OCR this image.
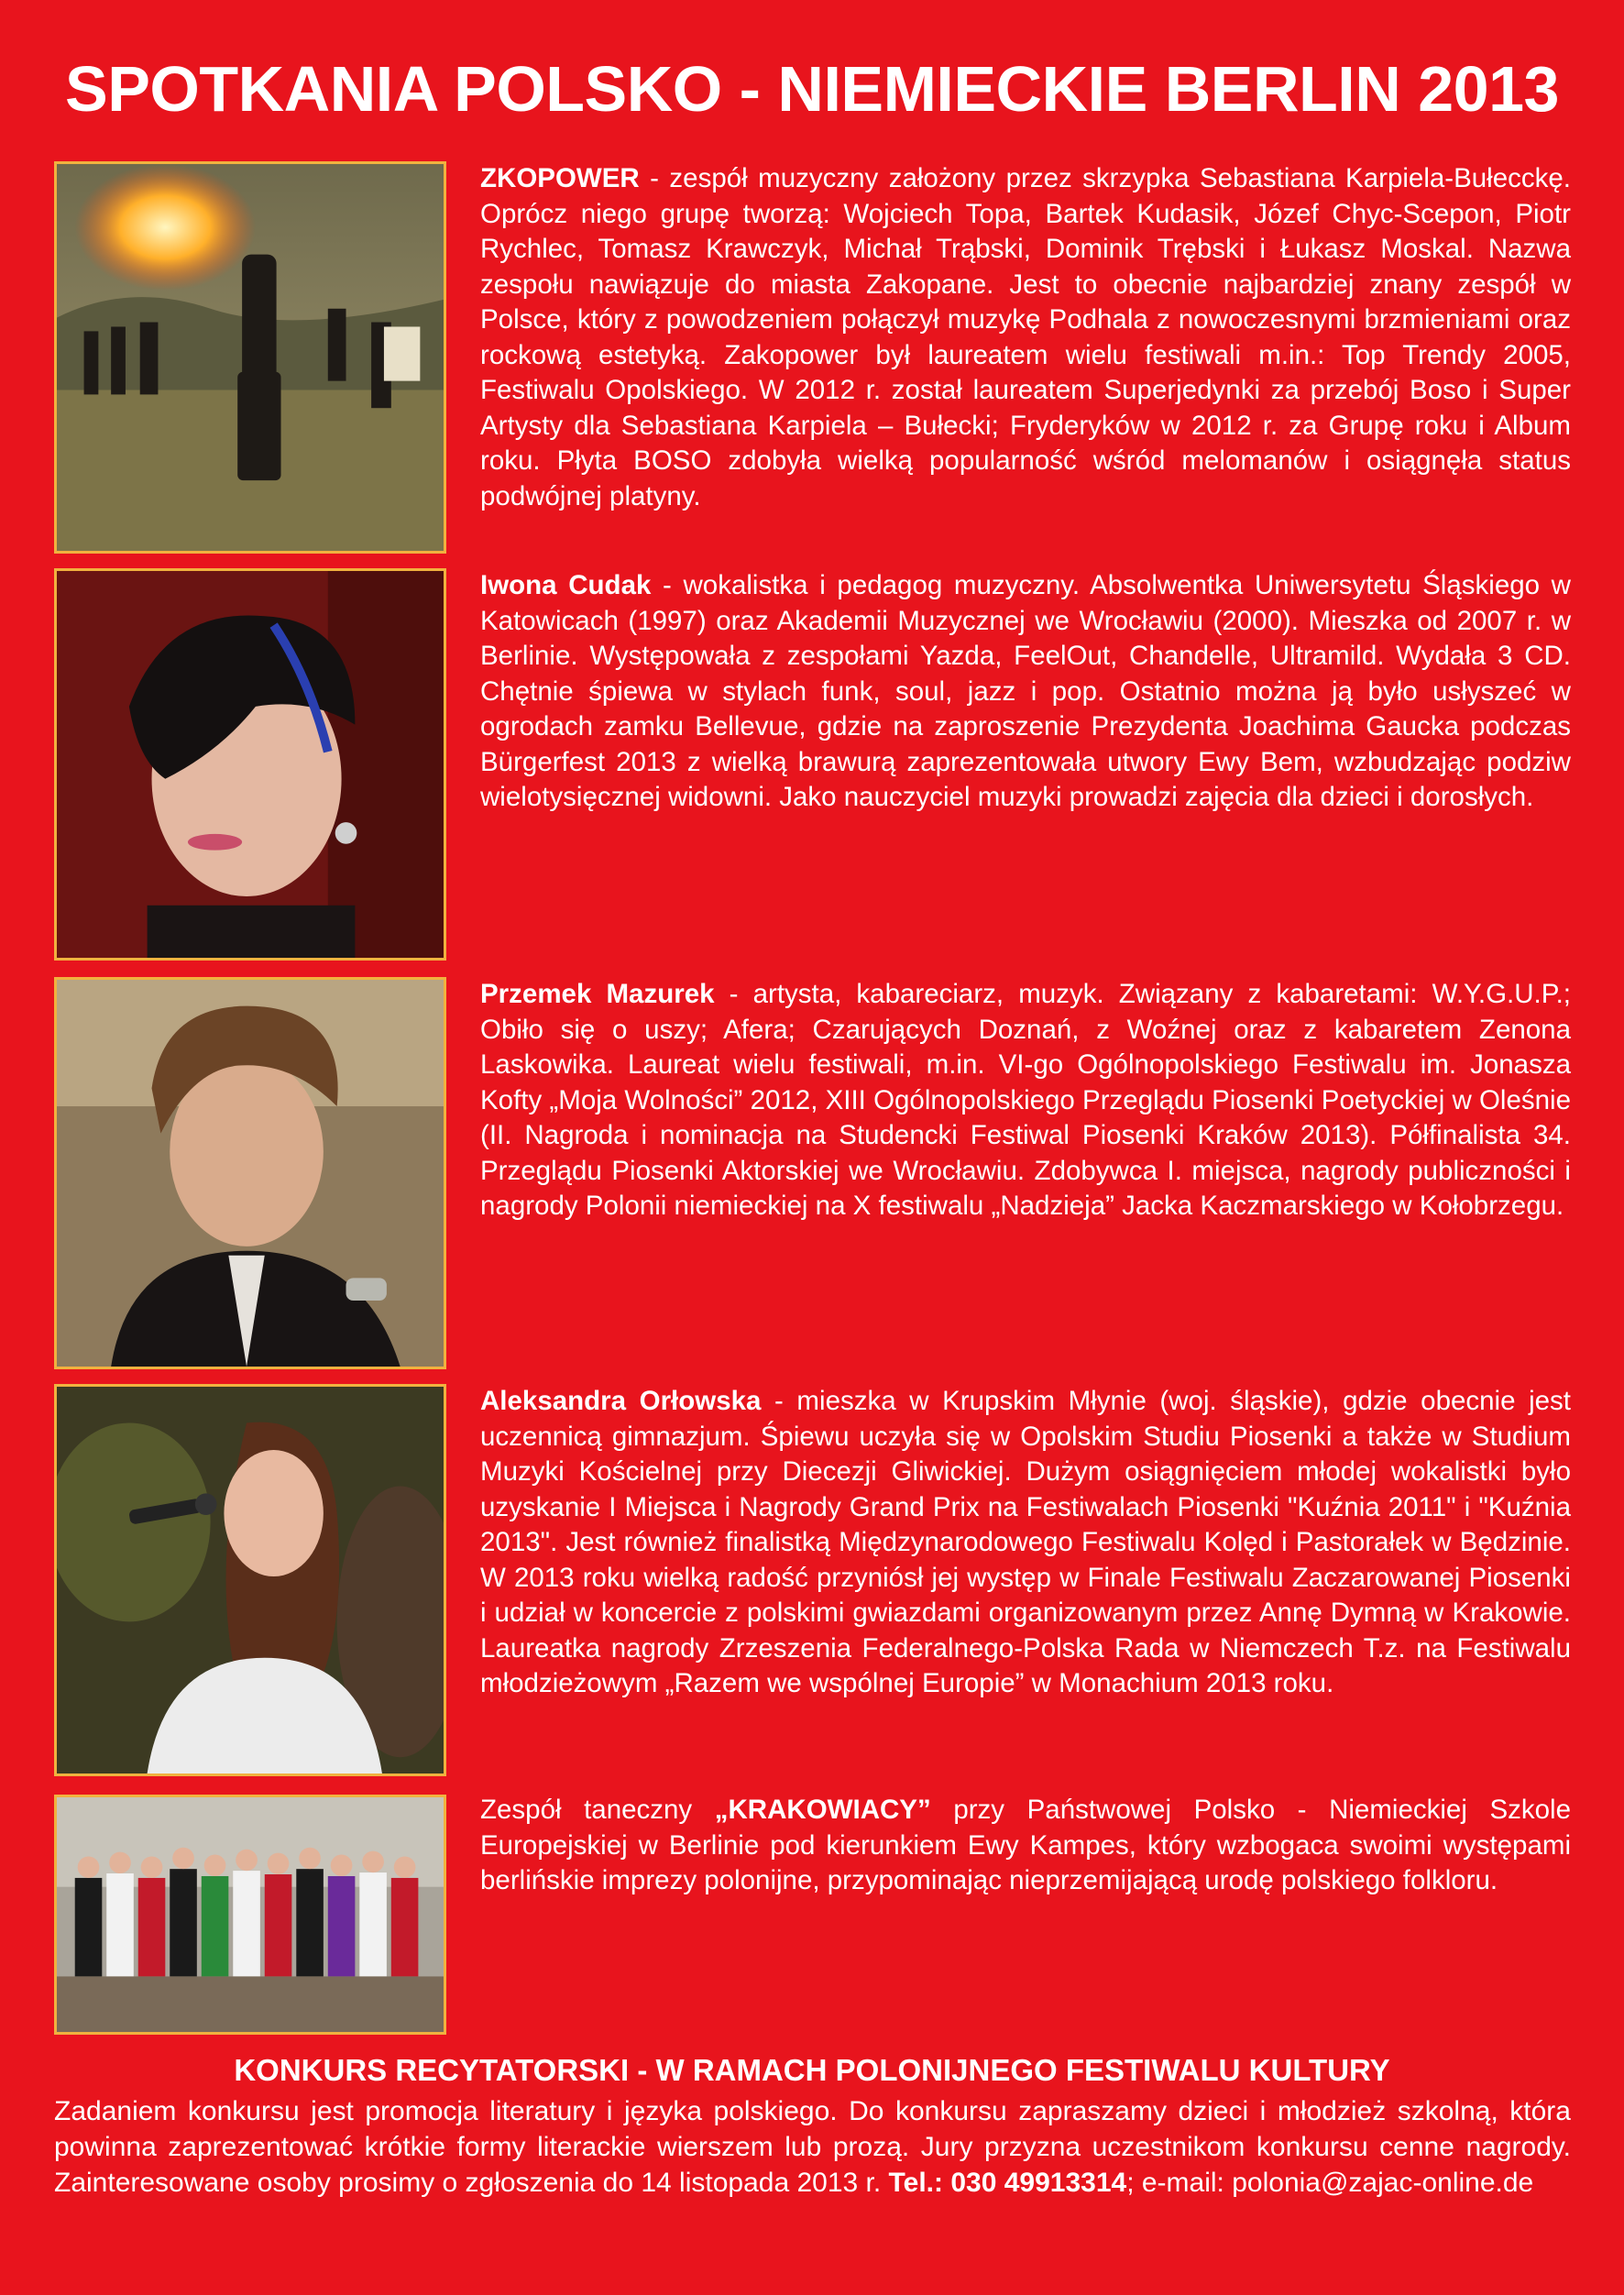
SPOTKANIA POLSKO - NIEMIECKIE BERLIN 2013

ZKOPOWER - zespół muzyczny założony przez skrzypka Sebastiana Karpiela-Bułecckę. Oprócz niego grupę tworzą: Wojciech Topa, Bartek Kudasik, Józef Chyc-Scepon, Piotr Rychlec, Tomasz Krawczyk, Michał Trąbski, Dominik Trębski i Łukasz Moskal. Nazwa zespołu nawiązuje do miasta Zakopane. Jest to obecnie najbardziej znany zespół w Polsce, który z powodzeniem połączył muzykę Podhala z nowoczesnymi brzmieniami oraz rockową estetyką. Zakopower był laureatem wielu festiwali m.in.: Top Trendy 2005, Festiwalu Opolskiego. W 2012 r. został laureatem Superjedynki za przebój Boso i Super Artysty dla Sebastiana Karpiela – Bułecki; Fryderyków w 2012 r. za Grupę roku i Album roku. Płyta BOSO zdobyła wielką popularność wśród melomanów i osiągnęła status podwójnej platyny.

Iwona Cudak - wokalistka i pedagog muzyczny. Absolwentka Uniwersytetu Śląskiego w Katowicach (1997) oraz Akademii Muzycznej we Wrocławiu (2000). Mieszka od 2007 r. w Berlinie. Występowała z zespołami Yazda, FeelOut, Chandelle, Ultramild. Wydała 3 CD. Chętnie śpiewa w stylach funk, soul, jazz i pop. Ostatnio można ją było usłyszeć w ogrodach zamku Bellevue, gdzie na zaproszenie Prezydenta Joachima Gaucka podczas Bürgerfest 2013 z wielką brawurą zaprezentowała utwory Ewy Bem, wzbudzając podziw wielotysięcznej widowni. Jako nauczyciel muzyki prowadzi zajęcia dla dzieci i dorosłych.

Przemek Mazurek - artysta, kabareciarz, muzyk. Związany z kabaretami: W.Y.G.U.P.; Obiło się o uszy; Afera; Czarujących Doznań, z Woźnej oraz z kabaretem Zenona Laskowika. Laureat wielu festiwali, m.in. VI-go Ogólnopolskiego Festiwalu im. Jonasza Kofty „Moja Wolności” 2012, XIII Ogólnopolskiego Przeglądu Piosenki Poetyckiej w Oleśnie (II. Nagroda i nominacja na Studencki Festiwal Piosenki Kraków 2013). Półfinalista 34. Przeglądu Piosenki Aktorskiej we Wrocławiu. Zdobywca I. miejsca, nagrody publiczności i nagrody Polonii niemieckiej na X festiwalu „Nadzieja” Jacka Kaczmarskiego w Kołobrzegu.

Aleksandra Orłowska - mieszka w Krupskim Młynie (woj. śląskie), gdzie obecnie jest uczennicą gimnazjum. Śpiewu uczyła się w Opolskim Studiu Piosenki a także w Studium Muzyki Kościelnej przy Diecezji Gliwickiej. Dużym osiągnięciem młodej wokalistki było uzyskanie I Miejsca i Nagrody Grand Prix na Festiwalach Piosenki "Kuźnia 2011" i "Kuźnia 2013". Jest również finalistką Międzynarodowego Festiwalu Kolęd i Pastorałek w Będzinie. W 2013 roku wielką radość przyniósł jej występ w Finale Festiwalu Zaczarowanej Piosenki i udział w koncercie z polskimi gwiazdami organizowanym przez Annę Dymną w Krakowie. Laureatka nagrody Zrzeszenia Federalnego-Polska Rada w Niemczech T.z. na Festiwalu młodzieżowym „Razem we wspólnej Europie” w Monachium 2013 roku.

Zespół taneczny „KRAKOWIACY” przy Państwowej Polsko - Niemieckiej Szkole Europejskiej w Berlinie pod kierunkiem Ewy Kampes, który wzbogaca swoimi występami berlińskie imprezy polonijne, przypominając nieprzemijającą urodę polskiego folkloru.

KONKURS RECYTATORSKI - W RAMACH POLONIJNEGO FESTIWALU KULTURY

Zadaniem konkursu jest promocja literatury i języka polskiego. Do konkursu zapraszamy dzieci i młodzież szkolną, która powinna zaprezentować krótkie formy literackie wierszem lub prozą. Jury przyzna uczestnikom konkursu cenne nagrody. Zainteresowane osoby prosimy o zgłoszenia do 14 listopada 2013 r. Tel.: 030 49913314; e-mail: polonia@zajac-online.de
